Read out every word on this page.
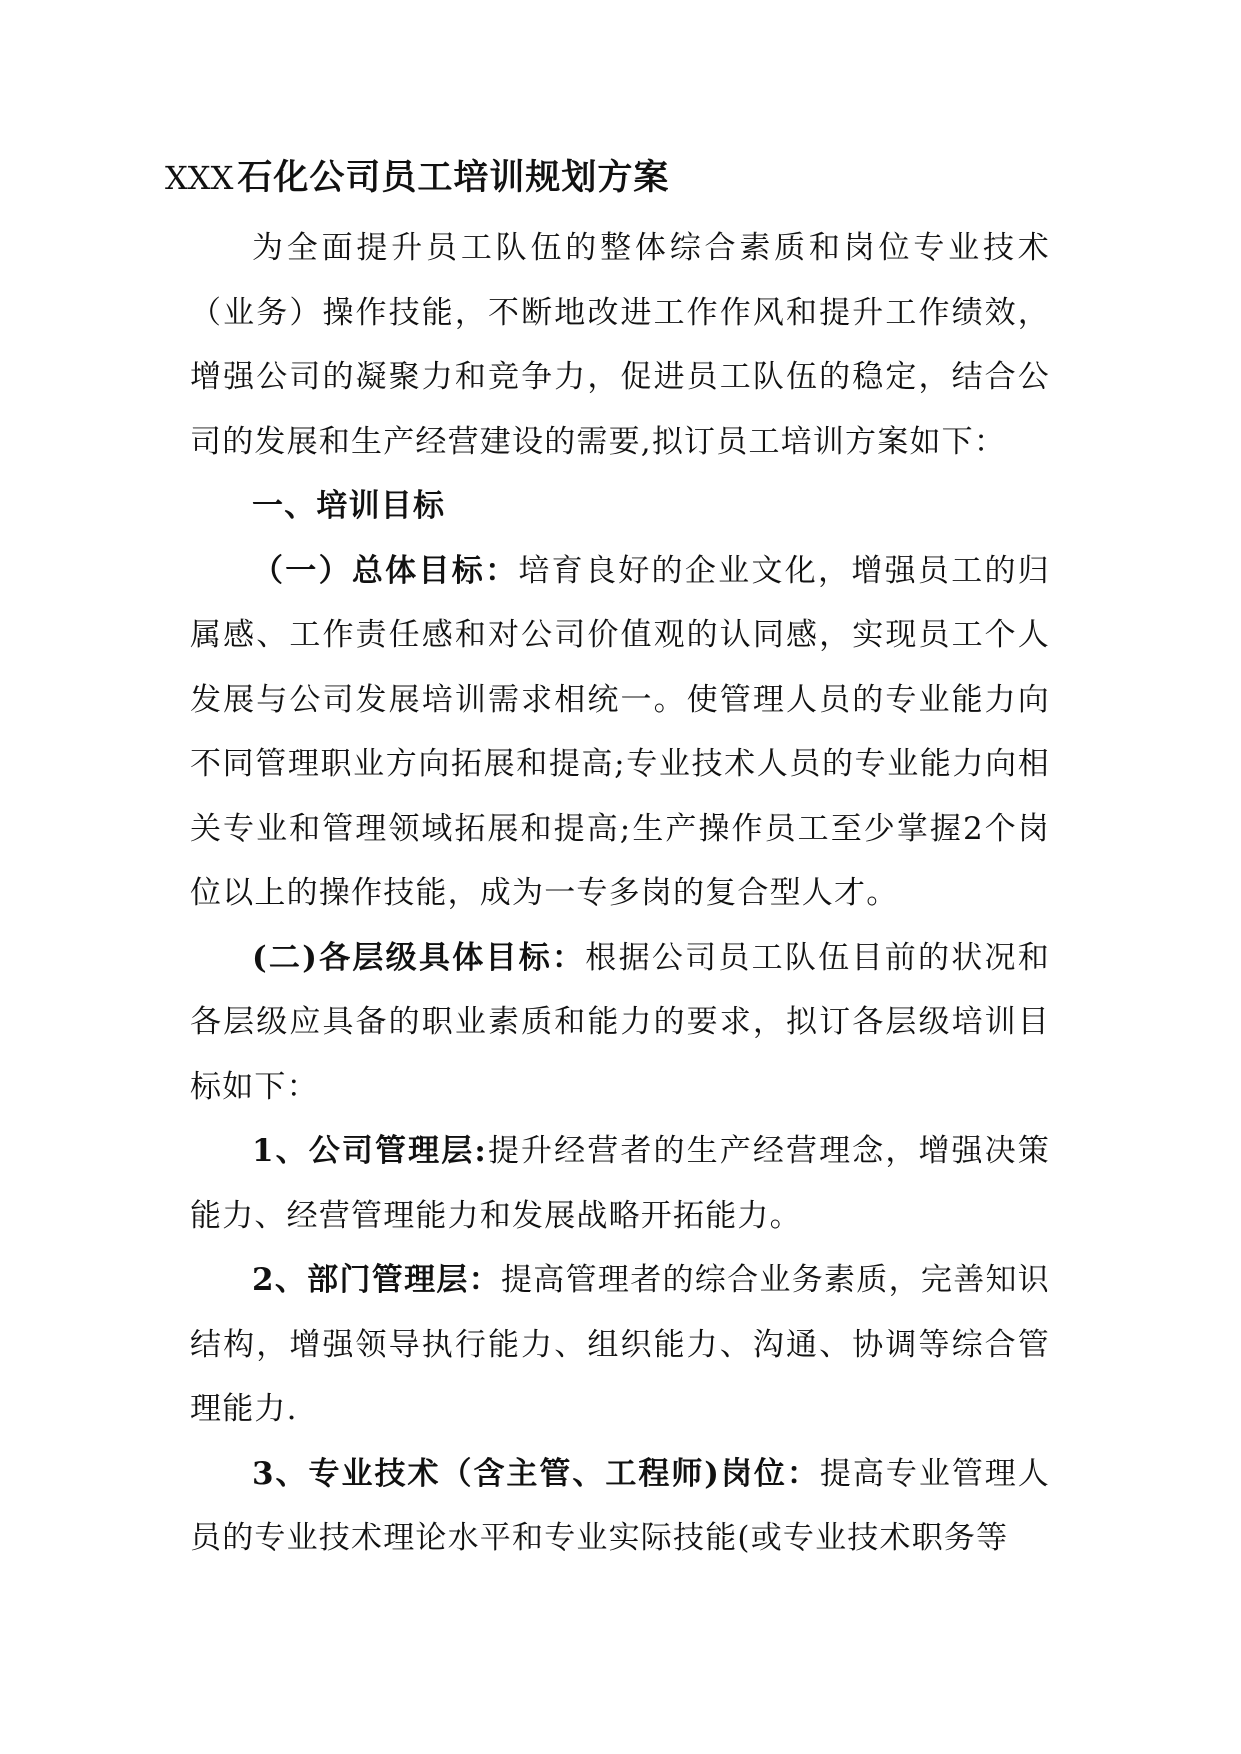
XXX 石化公司员工培训规划方案

为全面提升员工队伍的整体综合素质和岗位专业技术（业务）操作技能，不断地改进工作作风和提升工作绩效，增强公司的凝聚力和竞争力，促进员工队伍的稳定，结合公司的发展和生产经营建设的需要,拟订员工培训方案如下：

一、培训目标

（一）总体目标：培育良好的企业文化，增强员工的归属感、工作责任感和对公司价值观的认同感，实现员工个人发展与公司发展培训需求相统一。使管理人员的专业能力向不同管理职业方向拓展和提高;专业技术人员的专业能力向相关专业和管理领域拓展和提高;生产操作员工至少掌握2个岗位以上的操作技能，成为一专多岗的复合型人才。

(二)各层级具体目标：根据公司员工队伍目前的状况和各层级应具备的职业素质和能力的要求，拟订各层级培训目标如下：

1、公司管理层:提升经营者的生产经营理念，增强决策能力、经营管理能力和发展战略开拓能力。

2、部门管理层：提高管理者的综合业务素质，完善知识结构，增强领导执行能力、组织能力、沟通、协调等综合管理能力.

3、专业技术（含主管、工程师)岗位：提高专业管理人员的专业技术理论水平和专业实际技能(或专业技术职务等
